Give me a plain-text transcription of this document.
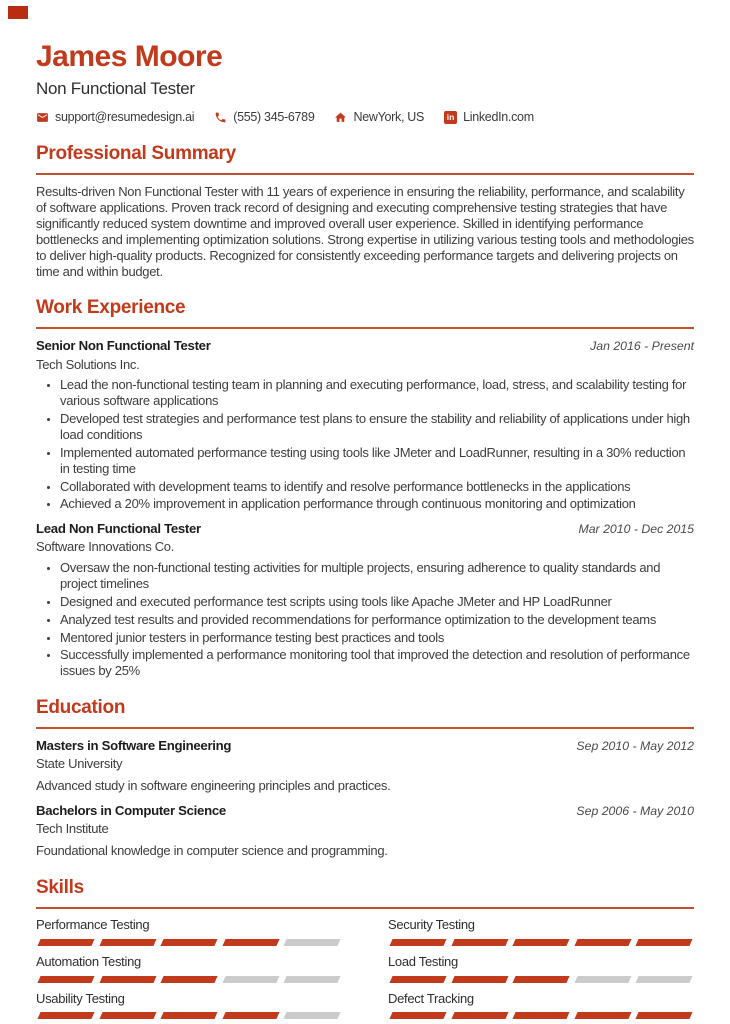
James Moore
Non Functional Tester
support@resumedesign.ai	(555) 345-6789	NewYork, US	in LinkedIn.com
Professional Summary

Results-driven Non Functional Tester with 11 years of experience in ensuring the reliability, performance, and scalability of software applications. Proven track record of designing and executing comprehensive testing strategies that have significantly reduced system downtime and improved overall user experience. Skilled in identifying performance bottlenecks and implementing optimization solutions. Strong expertise in utilizing various testing tools and methodologies to deliver high-quality products. Recognized for consistently exceeding performance targets and delivering projects on time and within budget.

Work Experience
Senior Non Functional Tester	Jan 2016 - Present
Tech Solutions Inc.
• Lead the non-functional testing team in planning and executing performance, load, stress, and scalability testing for various software applications
• Developed test strategies and performance test plans to ensure the stability and reliability of applications under high load conditions
• Implemented automated performance testing using tools like JMeter and LoadRunner, resulting in a 30% reduction in testing time
• Collaborated with development teams to identify and resolve performance bottlenecks in the applications
• Achieved a 20% improvement in application performance through continuous monitoring and optimization
Lead Non Functional Tester	Mar 2010 - Dec 2015
Software Innovations Co.
• Oversaw the non-functional testing activities for multiple projects, ensuring adherence to quality standards and project timelines
• Designed and executed performance test scripts using tools like Apache JMeter and HP LoadRunner
• Analyzed test results and provided recommendations for performance optimization to the development teams
• Mentored junior testers in performance testing best practices and tools
• Successfully implemented a performance monitoring tool that improved the detection and resolution of performance issues by 25%
Education
Masters in Software Engineering	Sep 2010 - May 2012
State University
Advanced study in software engineering principles and practices.
Bachelors in Computer Science	Sep 2006 - May 2010
Tech Institute
Foundational knowledge in computer science and programming.
Skills
Performance Testing	Security Testing
Automation Testing	Load Testing
Usability Testing	Defect Tracking
